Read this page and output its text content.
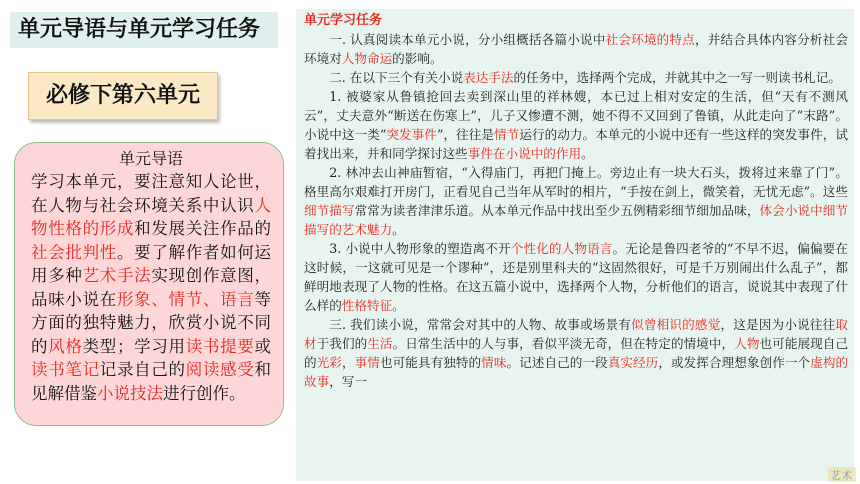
单元导语与单元学习任务
必修下第六单元
单元导语

学习本单元，要注意知人论世，在人物与社会环境关系中认识人物性格的形成和发展关注作品的社会批判性。要了解作者如何运用多种艺术手法实现创作意图，品味小说在形象、情节、语言等方面的独特魅力，欣赏小说不同的风格类型；学习用读书提要或读书笔记记录自己的阅读感受和见解借鉴小说技法进行创作。

单元学习任务

一. 认真阅读本单元小说，分小组概括各篇小说中社会环境的特点，并结合具体内容分析社会环境对人物命运的影响。

二. 在以下三个有关小说表达手法的任务中，选择两个完成，并就其中之一写一则读书札记。

1. 被婆家从鲁镇抢回去卖到深山里的祥林嫂，本已过上相对安定的生活，但“天有不测风云”，丈夫意外“断送在伤寒上”，儿子又惨遭不测，她不得不又回到了鲁镇，从此走向了“末路”。小说中这一类“突发事件”，往往是情节运行的动力。本单元的小说中还有一些这样的突发事件，试着找出来，并和同学探讨这些事件在小说中的作用。

2. 林冲去山神庙暂宿，“入得庙门，再把门掩上。旁边止有一块大石头，拨将过来靠了门”。格里高尔艰难打开房门，正看见自己当年从军时的相片，“手按在剑上，微笑着，无忧无虑”。这些细节描写常常为读者津津乐道。从本单元作品中找出至少五例精彩细节细加品味，体会小说中细节描写的艺术魅力。

3. 小说中人物形象的塑造离不开个性化的人物语言。无论是鲁四老爷的“不早不迟，偏偏要在这时候，一这就可见是一个谬种”，还是别里科夫的“这固然很好，可是千万别闹出什么乱子”，都鲜明地表现了人物的性格。在这五篇小说中，选择两个人物，分析他们的语言，说说其中表现了什么样的性格特征。

三. 我们读小说，常常会对其中的人物、故事或场景有似曾相识的感觉，这是因为小说往往取材于我们的生活。日常生活中的人与事，看似平淡无奇，但在特定的情境中，人物也可能展现自己的光彩，事情也可能具有独特的情味。记述自己的一段真实经历，或发挥合理想象创作一个虚构的故事，写一

艺术
